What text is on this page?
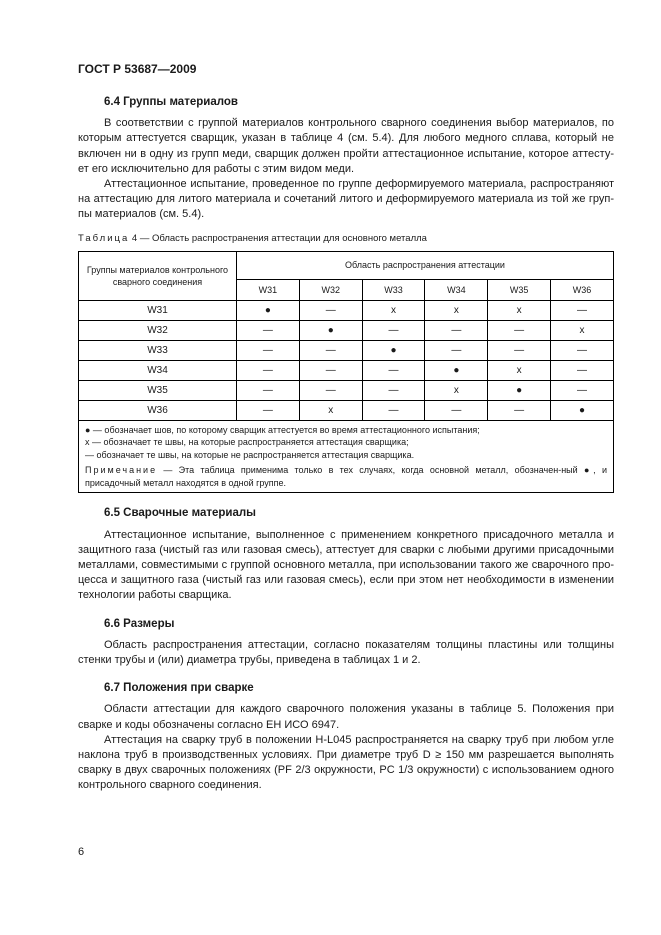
ГОСТ Р 53687—2009
6.4 Группы материалов

В соответствии с группой материалов контрольного сварного соединения выбор материалов, по которым аттестуется сварщик, указан в таблице 4 (см. 5.4). Для любого медного сплава, который не включен ни в одну из групп меди, сварщик должен пройти аттестационное испытание, которое аттесту-ет его исключительно для работы с этим видом меди.

Аттестационное испытание, проведенное по группе деформируемого материала, распространяют на аттестацию для литого материала и сочетаний литого и деформируемого материала из той же груп-пы материалов (см. 5.4).

Таблица 4 — Область распространения аттестации для основного металла
Группы материалов контрольного сварного соединения	Область распространения аттестации					
	W31	W32	W33	W34	W35	W36
W31	●	—	x	x	x	—
W32	—	●	—	—	—	x
W33	—	—	●	—	—	—
W34	—	—	—	●	x	—
W35	—	—	—	x	●	—
W36	—	x	—	—	—	●
● — обозначает шов, по которому сварщик аттестуется во время аттестационного испытания;
x — обозначает те швы, на которые распространяется аттестация сварщика;
— обозначает те швы, на которые не распространяется аттестация сварщика.
Примечание — Эта таблица применима только в тех случаях, когда основной металл, обозначен-ный ●, и присадочный металл находятся в одной группе.
6.5 Сварочные материалы

Аттестационное испытание, выполненное с применением конкретного присадочного металла и защитного газа (чистый газ или газовая смесь), аттестует для сварки с любыми другими присадочными металлами, совместимыми с группой основного металла, при использовании такого же сварочного про-цесса и защитного газа (чистый газ или газовая смесь), если при этом нет необходимости в изменении технологии работы сварщика.

6.6 Размеры

Область распространения аттестации, согласно показателям толщины пластины или толщины стенки трубы и (или) диаметра трубы, приведена в таблицах 1 и 2.

6.7 Положения при сварке

Области аттестации для каждого сварочного положения указаны в таблице 5. Положения при сварке и коды обозначены согласно ЕН ИСО 6947.

Аттестация на сварку труб в положении H-L045 распространяется на сварку труб при любом угле наклона труб в производственных условиях. При диаметре труб D ≥ 150 мм разрешается выполнять сварку в двух сварочных положениях (PF 2/3 окружности, PC 1/3 окружности) с использованием одного контрольного сварного соединения.

6
